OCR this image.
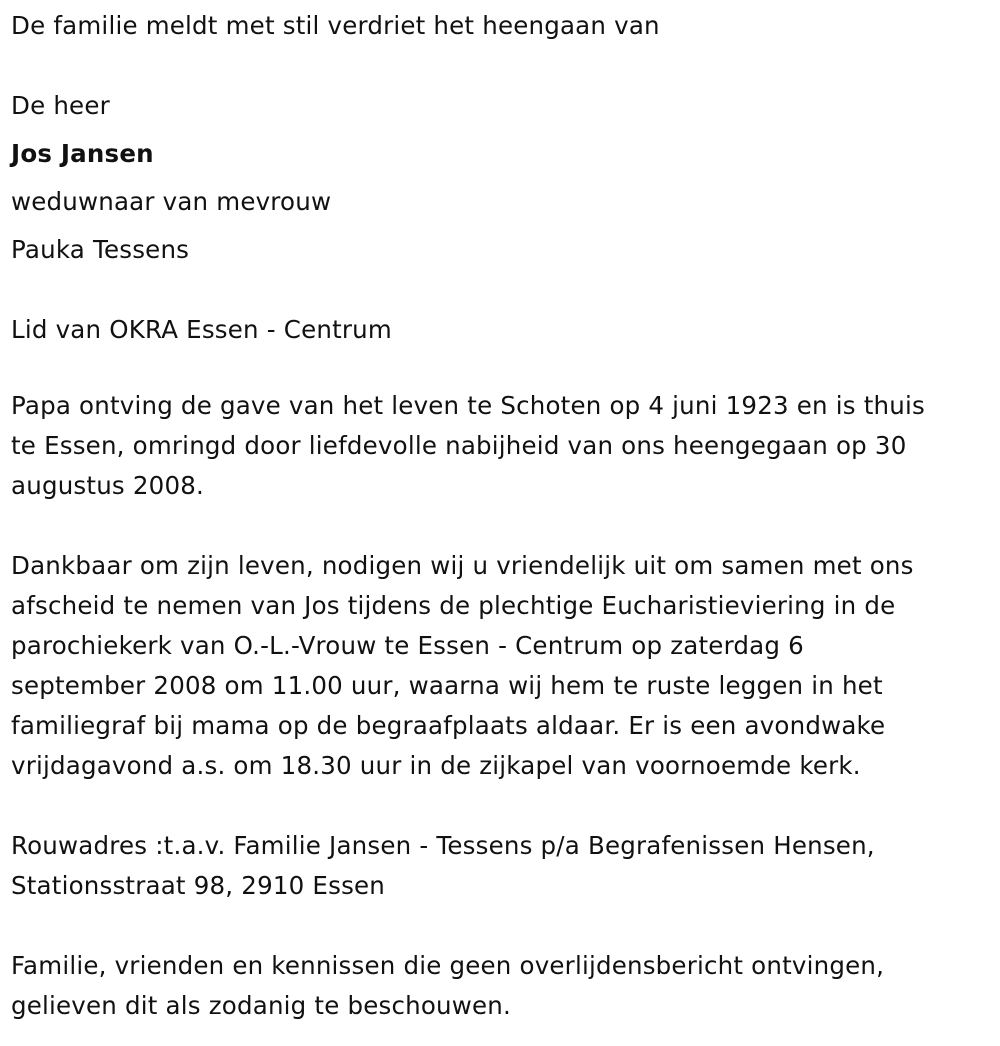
De familie meldt met stil verdriet het heengaan van

De heer

Jos Jansen

weduwnaar van mevrouw

Pauka Tessens

Lid van OKRA Essen - Centrum

Papa ontving de gave van het leven te Schoten op 4 juni 1923 en is thuis

te Essen, omringd door liefdevolle nabijheid van ons heengegaan op 30

augustus 2008.

Dankbaar om zijn leven, nodigen wij u vriendelijk uit om samen met ons

afscheid te nemen van Jos tijdens de plechtige Eucharistieviering in de

parochiekerk van O.-L.-Vrouw te Essen - Centrum op zaterdag 6

september 2008 om 11.00 uur, waarna wij hem te ruste leggen in het

familiegraf bij mama op de begraafplaats aldaar. Er is een avondwake

vrijdagavond a.s. om 18.30 uur in de zijkapel van voornoemde kerk.

Rouwadres :t.a.v. Familie Jansen - Tessens p/a Begrafenissen Hensen,

Stationsstraat 98, 2910 Essen

Familie, vrienden en kennissen die geen overlijdensbericht ontvingen,

gelieven dit als zodanig te beschouwen.
